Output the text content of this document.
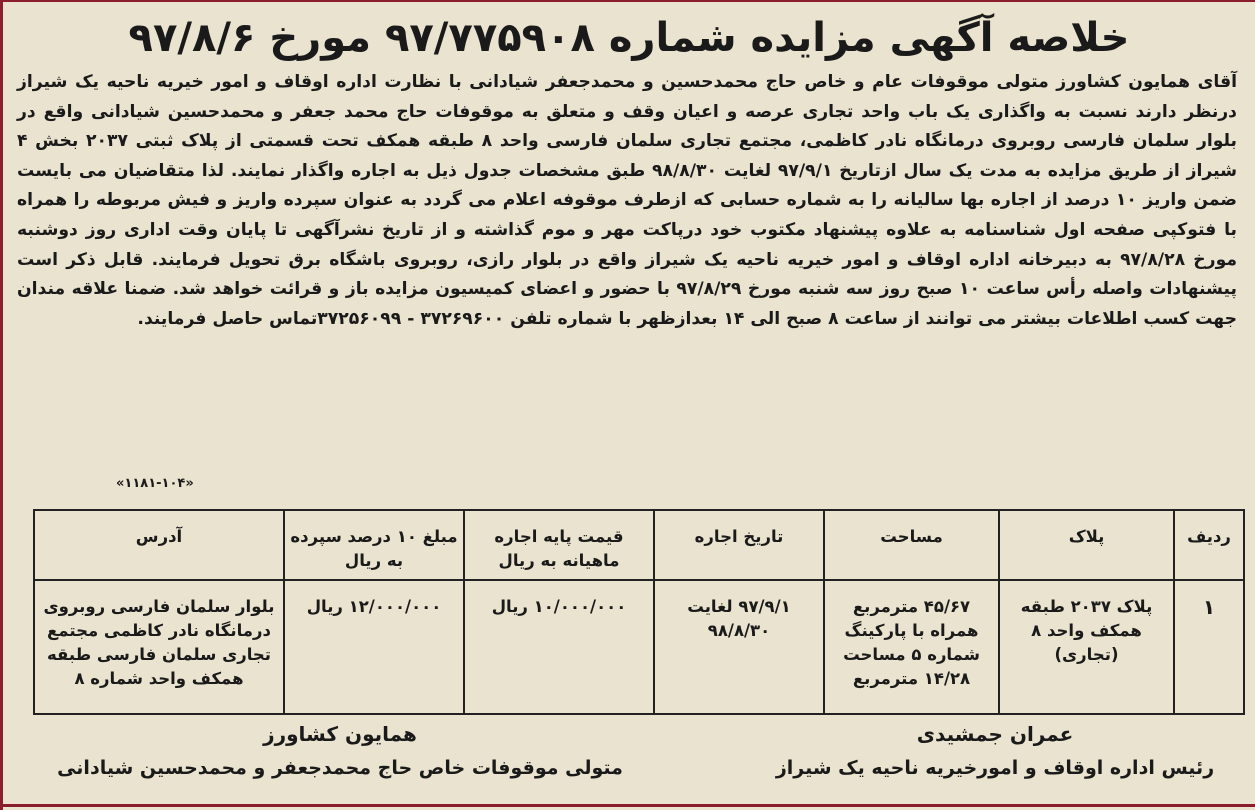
خلاصه آگهی مزایده شماره ۹۷/۷۷۵۹۰۸ مورخ ۹۷/۸/۶

آقای همایون کشاورز متولی موقوفات عام و خاص حاج محمدحسین و محمدجعفر شیادانی با نظارت اداره اوقاف و امور خیریه ناحیه یک شیراز درنظر دارند نسبت به واگذاری یک باب واحد تجاری عرصه و اعیان وقف و متعلق به موقوفات حاج محمد جعفر و محمدحسین شیادانی واقع در بلوار سلمان فارسی روبروی درمانگاه نادر کاظمی، مجتمع تجاری سلمان فارسی واحد ۸ طبقه همکف تحت قسمتی از پلاک ثبتی ۲۰۳۷ بخش ۴ شیراز از طریق مزایده به مدت یک سال ازتاریخ ۹۷/۹/۱ لغایت ۹۸/۸/۳۰ طبق مشخصات جدول ذیل به اجاره واگذار نمایند. لذا متقاضیان می بایست ضمن واریز ۱۰ درصد از اجاره بها سالیانه را به شماره حسابی که ازطرف موقوفه اعلام می گردد به عنوان سپرده واریز و فیش مربوطه را همراه با فتوکپی صفحه اول شناسنامه به علاوه پیشنهاد مکتوب خود درپاکت مهر و موم گذاشته و از تاریخ نشرآگهی تا پایان وقت اداری روز دوشنبه مورخ ۹۷/۸/۲۸ به دبیرخانه اداره اوقاف و امور خیریه ناحیه یک شیراز واقع در بلوار رازی، روبروی باشگاه برق تحویل فرمایند. قابل ذکر است پیشنهادات واصله رأس ساعت ۱۰ صبح روز سه شنبه مورخ ۹۷/۸/۲۹ با حضور و اعضای کمیسیون مزایده باز و قرائت خواهد شد. ضمنا علاقه مندان جهت کسب اطلاعات بیشتر می توانند از ساعت ۸ صبح الی ۱۴ بعدازظهر با شماره تلفن ۳۷۲۶۹۶۰۰ - ۳۷۲۵۶۰۹۹تماس حاصل فرمایند.

«۱۱۸۱-۱۰۴»
ردیف	پلاک	مساحت	تاریخ اجاره	قیمت پایه اجاره ماهیانه به ریال	مبلغ ۱۰ درصد سپرده به ریال	آدرس
۱	پلاک ۲۰۳۷ طبقه همکف واحد ۸ (تجاری)	۴۵/۶۷ مترمربع همراه با پارکینگ شماره ۵ مساحت ۱۴/۲۸ مترمربع	۹۷/۹/۱ لغایت ۹۸/۸/۳۰	۱۰/۰۰۰/۰۰۰ ریال	۱۲/۰۰۰/۰۰۰ ریال	بلوار سلمان فارسی روبروی درمانگاه نادر کاظمی مجتمع تجاری سلمان فارسی طبقه همکف واحد شماره ۸
عمران جمشیدی
رئیس اداره اوقاف و امورخیریه ناحیه یک شیراز
همایون کشاورز
متولی موقوفات خاص حاج محمدجعفر و محمدحسین شیادانی
